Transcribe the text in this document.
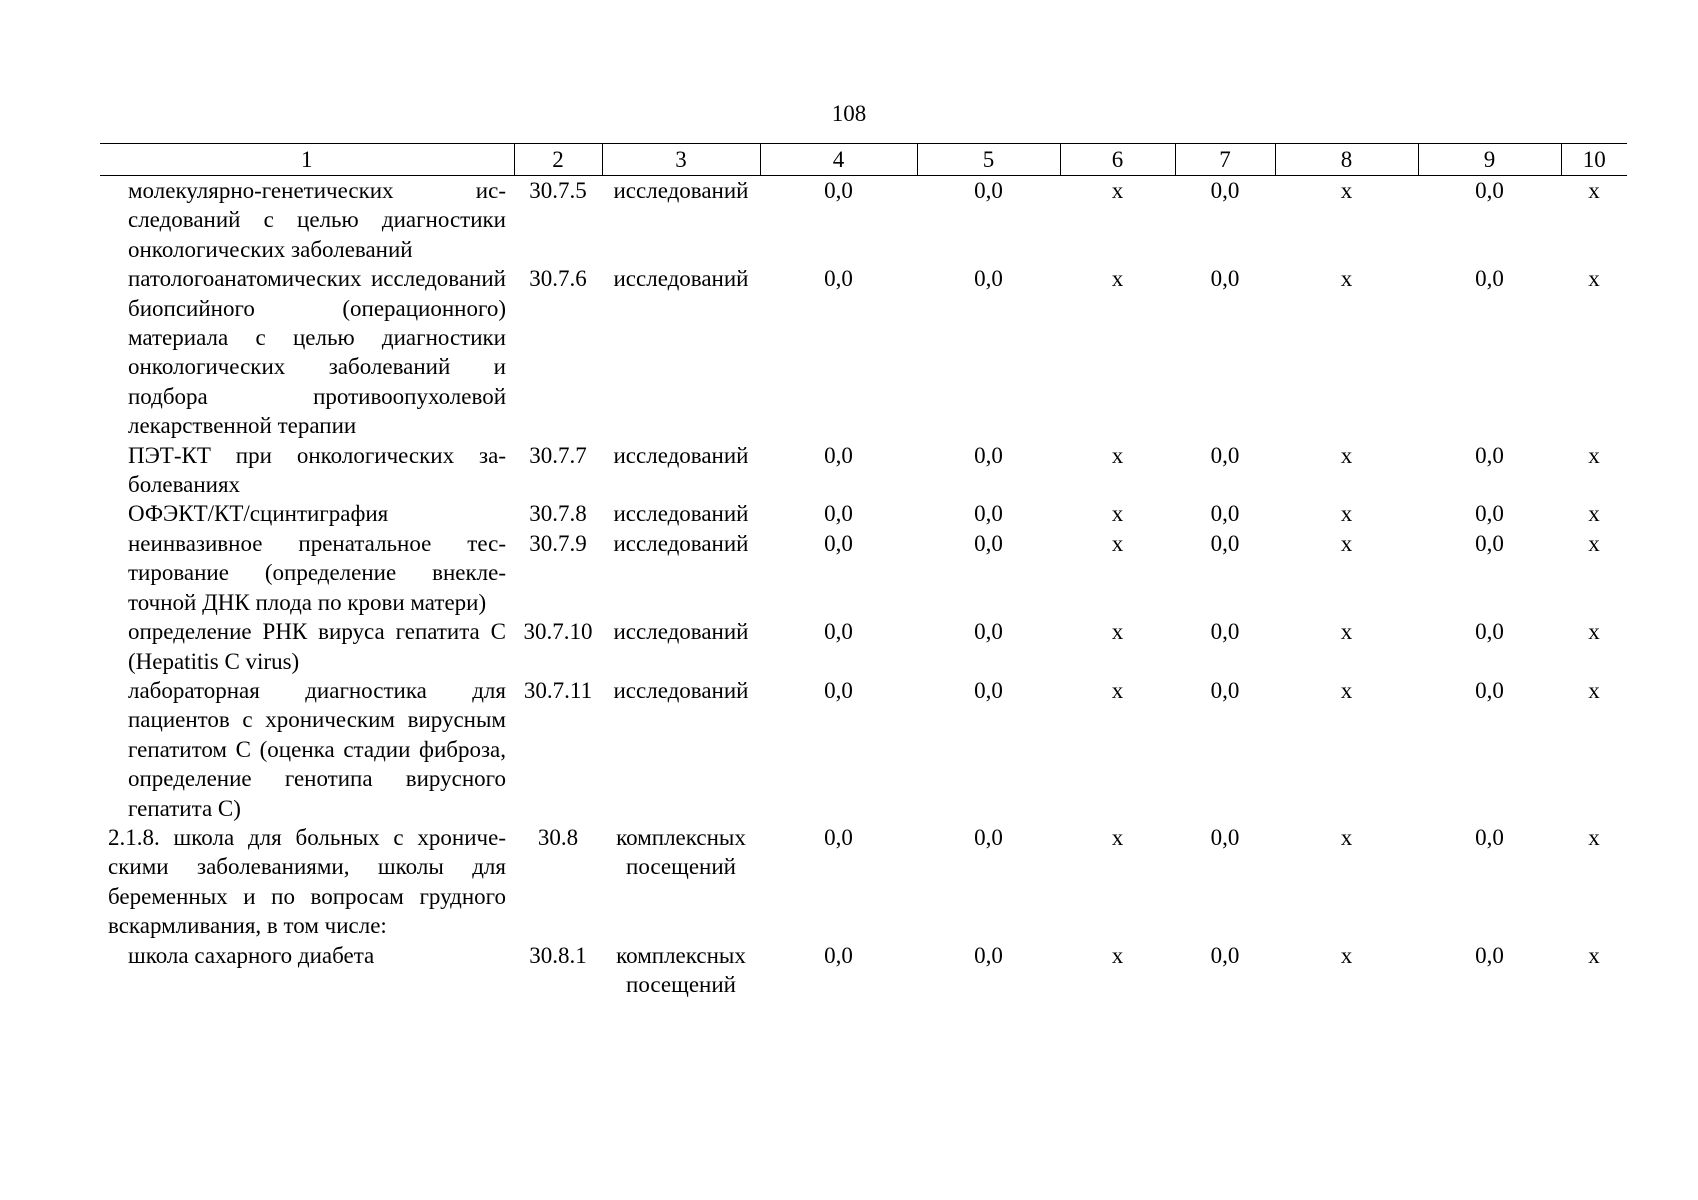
108
1	2	3	4	5	6	7	8	9	10
молекулярно-генетических исследований с целью диагностики онкологических заболеваний	30.7.5	исследований	0,0	0,0	х	0,0	х	0,0	х
патологоанатомических исследований биопсийного (операционного) материала с целью диагностики онкологических заболеваний и подбора противоопухолевой лекарственной терапии	30.7.6	исследований	0,0	0,0	х	0,0	х	0,0	х
ПЭТ-КТ при онкологических заболеваниях	30.7.7	исследований	0,0	0,0	х	0,0	х	0,0	х
ОФЭКТ/КТ/сцинтиграфия	30.7.8	исследований	0,0	0,0	х	0,0	х	0,0	х
неинвазивное пренатальное тестирование (определение внеклеточной ДНК плода по крови матери)	30.7.9	исследований	0,0	0,0	х	0,0	х	0,0	х
определение РНК вируса гепатита С (Hepatitis C virus)	30.7.10	исследований	0,0	0,0	х	0,0	х	0,0	х
лабораторная диагностика для пациентов с хроническим вирусным гепатитом С (оценка стадии фиброза, определение генотипа вирусного гепатита С)	30.7.11	исследований	0,0	0,0	х	0,0	х	0,0	х
2.1.8. школа для больных с хроническими заболеваниями, школы для беременных и по вопросам грудного вскармливания, в том числе:	30.8	комплексных посещений	0,0	0,0	х	0,0	х	0,0	х
школа сахарного диабета	30.8.1	комплексных посещений	0,0	0,0	х	0,0	х	0,0	х
